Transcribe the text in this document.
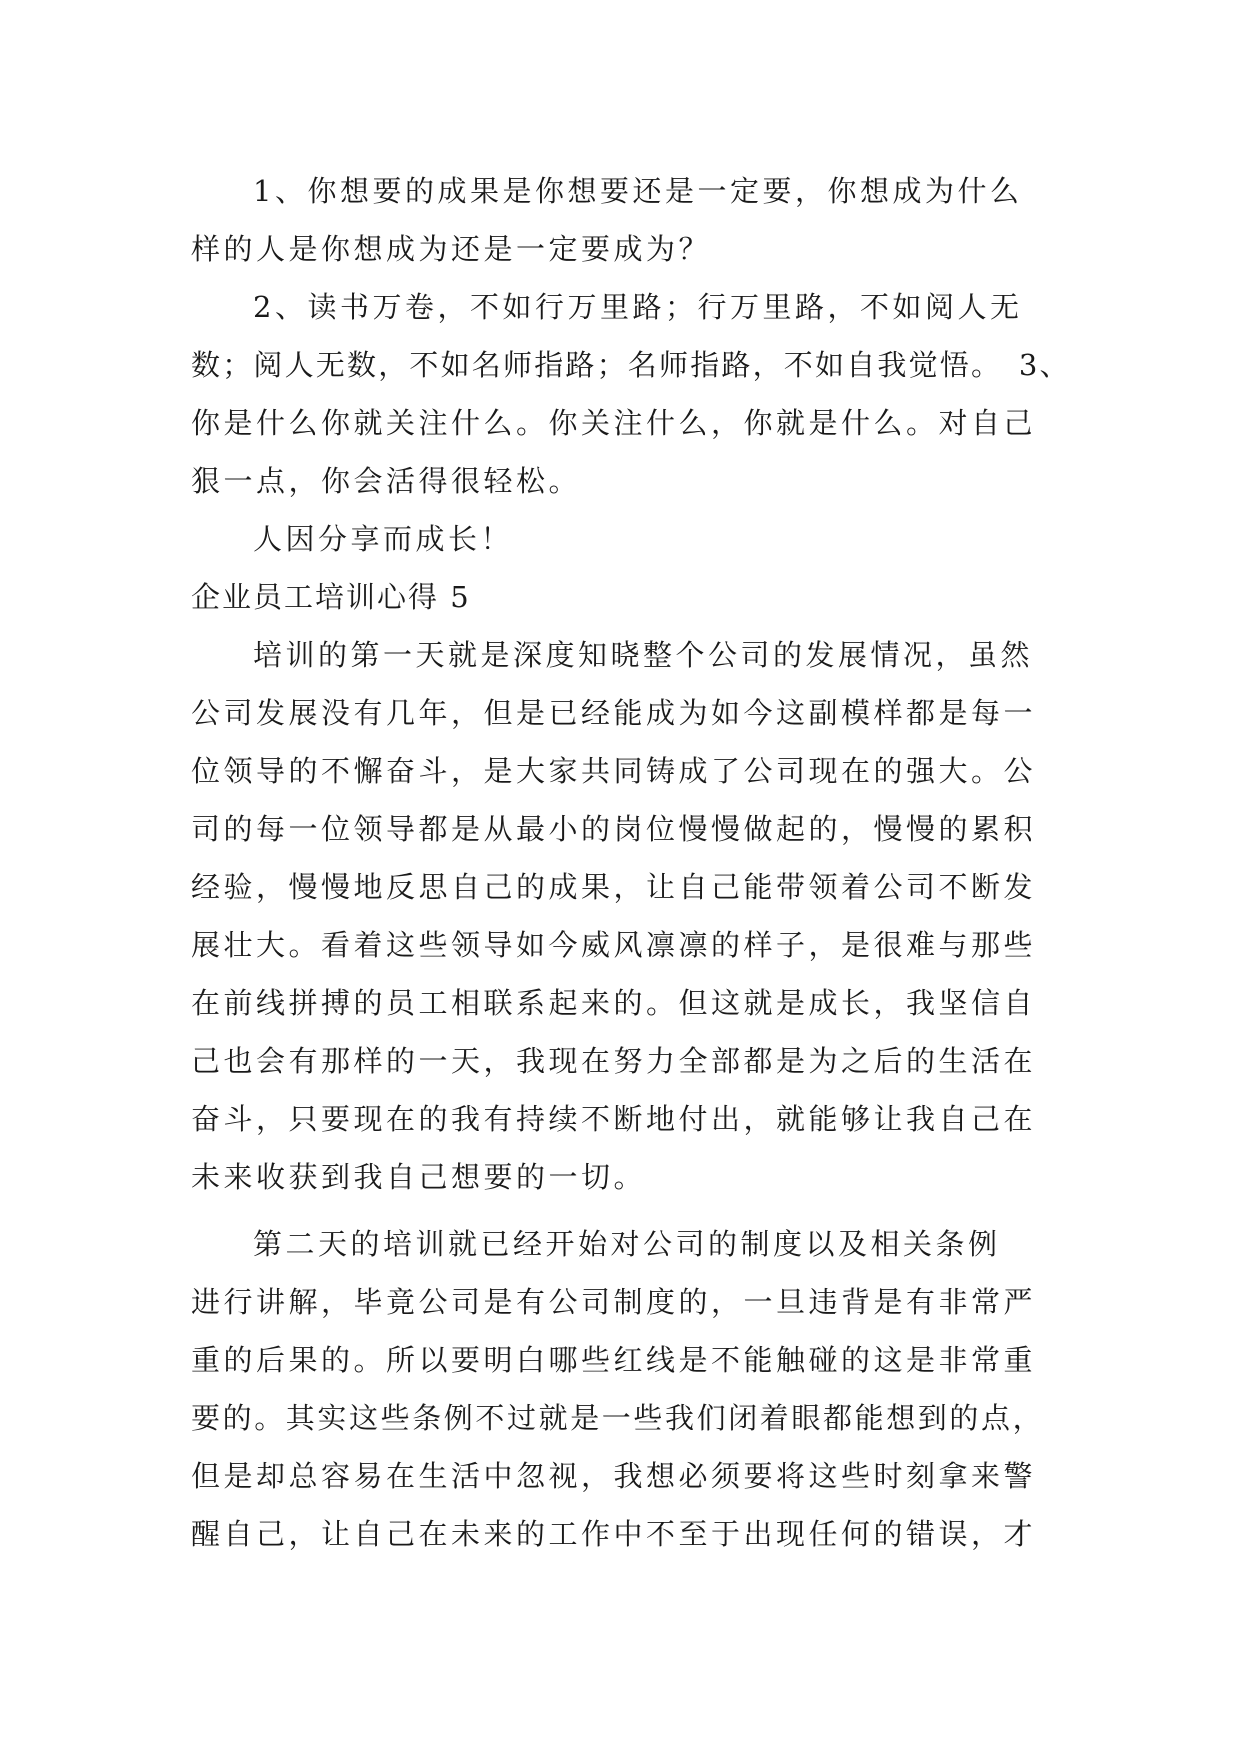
1、你想要的成果是你想要还是一定要，你想成为什么
样的人是你想成为还是一定要成为？
2、读书万卷，不如行万里路；行万里路，不如阅人无
数；阅人无数，不如名师指路；名师指路，不如自我觉悟。　3、
你是什么你就关注什么。你关注什么，你就是什么。对自己
狠一点，你会活得很轻松。
人因分享而成长！
企业员工培训心得 5
培训的第一天就是深度知晓整个公司的发展情况，虽然
公司发展没有几年，但是已经能成为如今这副模样都是每一
位领导的不懈奋斗，是大家共同铸成了公司现在的强大。公
司的每一位领导都是从最小的岗位慢慢做起的，慢慢的累积
经验，慢慢地反思自己的成果，让自己能带领着公司不断发
展壮大。看着这些领导如今威风凛凛的样子，是很难与那些
在前线拼搏的员工相联系起来的。但这就是成长，我坚信自
己也会有那样的一天，我现在努力全部都是为之后的生活在
奋斗，只要现在的我有持续不断地付出，就能够让我自己在
未来收获到我自己想要的一切。
第二天的培训就已经开始对公司的制度以及相关条例
进行讲解，毕竟公司是有公司制度的，一旦违背是有非常严
重的后果的。所以要明白哪些红线是不能触碰的这是非常重
要的。其实这些条例不过就是一些我们闭着眼都能想到的点，
但是却总容易在生活中忽视，我想必须要将这些时刻拿来警
醒自己，让自己在未来的工作中不至于出现任何的错误，才
